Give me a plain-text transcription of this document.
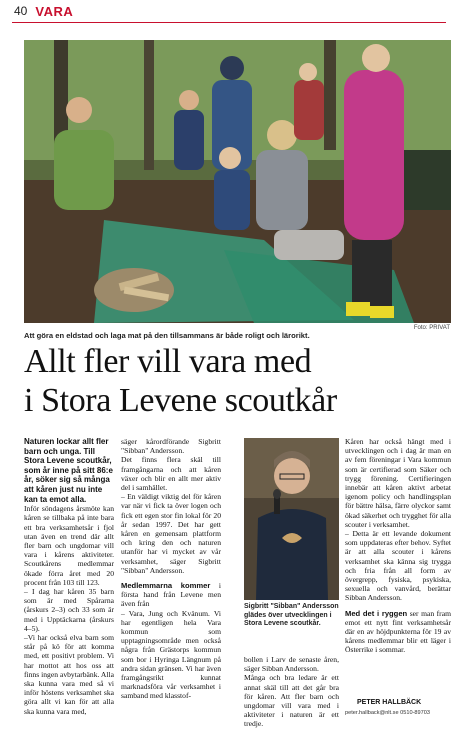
40 VARA
Foto: PRIVAT
Att göra en eldstad och laga mat på den tillsammans är både roligt och lärorikt.
Allt fler vill vara med
i Stora Levene scoutkår

Naturen lockar allt fler barn och unga. Till Stora Levene scoutkår, som år inne på sitt 86:e år, söker sig så många att kåren just nu inte kan ta emot alla.

Inför söndagens årsmöte kan kåren se tillbaka på inte bara ett bra verksamhetsår i fjol utan även en trend där allt fler barn och ungdomar vill vara i kårens aktiviteter. Scoutkårens medlemmar ökade förra året med 20 procent från 103 till 123.
– I dag har kåren 35 barn som är med Spårarna (årskurs 2–3) och 33 som är med i Upptäckarna (årskurs 4–5).
–Vi har också elva barn som står på kö för att komma med, ett positivt problem. Vi har mottot att hos oss att finns ingen avbytarbänk. Alla ska kunna vara med så vi inför höstens verksamhet ska göra allt vi kan för att alla ska kunna vara med,

säger kårordförande Sigbritt "Sibban" Andersson.
Det finns flera skäl till framgångarna och att kåren växer och blir en allt mer aktiv del i samhället.
– En väldigt viktig del för kåren var när vi fick ta över logen och fick ett egen stor fin lokal för 20 år sedan 1997. Det har gett kåren en gemensam plattform och kring den och naturen utanför har vi mycket av vår verksamhet, säger Sigbritt "Sibban" Andersson.

Medlemmarna kommer i första hand från Levene men även från

– Vara, Jung och Kvänum. Vi har egentligen hela Vara kommun som upptagningsområde men också några från Grästorps kommun som bor i Hyringa Längnum på andra sidan gränsen. Vi har även framgångsrikt kunnat marknadsföra vår verksamhet i samband med klasstof-

Sigbritt "Sibban" Andersson glädes över utvecklingen i Stora Levene scoutkår.
bollen i Larv de senaste åren, säger Sibban Andersson.
Många och bra ledare är ett annat skäl till att det går bra för kåren. Att fler barn och ungdomar vill vara med i aktiviteter i naturen är ett tredje.

Kåren har också hängt med i utvecklingen och i dag är man en av fem föreningar i Vara kommun som är certifierad som Säker och trygg förening. Certifieringen innebär att kåren aktivt arbetat igenom policy och handlingsplan för bättre hälsa, färre olyckor samt ökad säkerhet och trygghet för alla scouter i verksamhet.
– Detta är ett levande dokument som uppdateras efter behov. Syftet är att alla scouter i kårens verksamhet ska känna sig trygga och fria från all form av övergrepp, fysiska, psykiska, sexuella och vanvård, berättar Sibban Andersson.

Med det i ryggen ser man fram emot ett nytt fint verksamhetsår där en av höjdpunkterna för 19 av kårens medlemmar blir ett läger i Österrike i sommar.

PETER HALLBÄCK
peter.hallback@nlt.se 0510-89703
